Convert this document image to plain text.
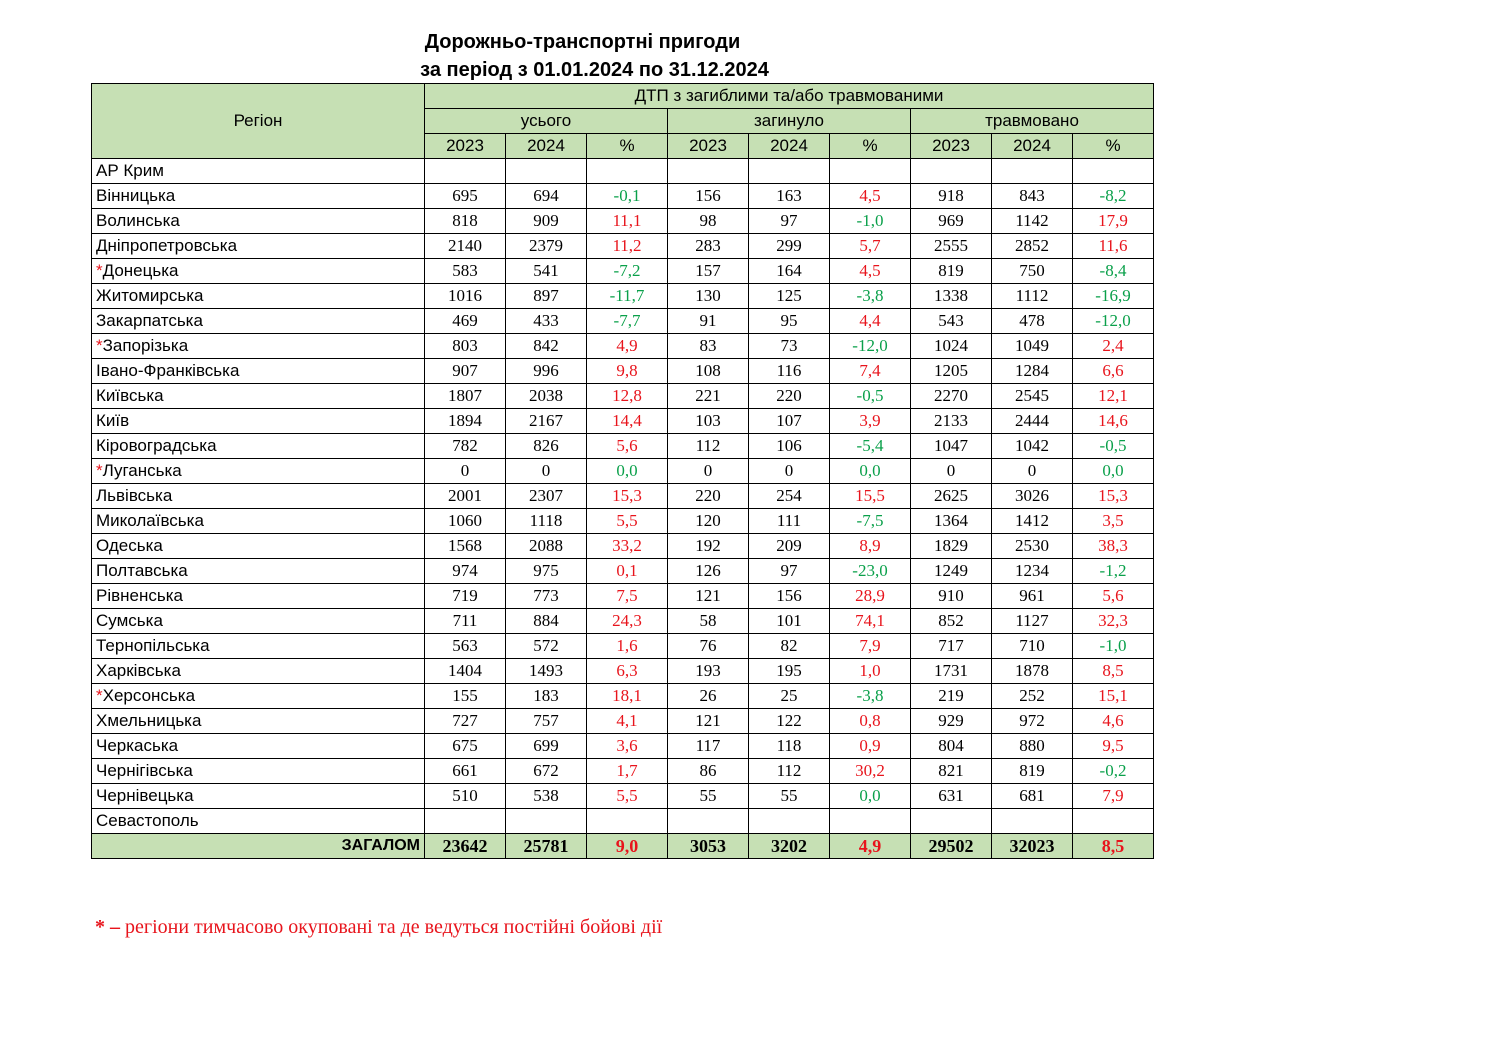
Дорожньо-транспортні пригоди
за період з 01.01.2024 по 31.12.2024
Регіон	ДТП з загиблими та/або травмованими								
	усього			загинуло			травмовано		
	2023	2024	%	2023	2024	%	2023	2024	%
АР Крим									
Вінницька	695	694	-0,1	156	163	4,5	918	843	-8,2
Волинська	818	909	11,1	98	97	-1,0	969	1142	17,9
Дніпропетровська	2140	2379	11,2	283	299	5,7	2555	2852	11,6
*Донецька	583	541	-7,2	157	164	4,5	819	750	-8,4
Житомирська	1016	897	-11,7	130	125	-3,8	1338	1112	-16,9
Закарпатська	469	433	-7,7	91	95	4,4	543	478	-12,0
*Запорізька	803	842	4,9	83	73	-12,0	1024	1049	2,4
Івано-Франківська	907	996	9,8	108	116	7,4	1205	1284	6,6
Київська	1807	2038	12,8	221	220	-0,5	2270	2545	12,1
Київ	1894	2167	14,4	103	107	3,9	2133	2444	14,6
Кіровоградська	782	826	5,6	112	106	-5,4	1047	1042	-0,5
*Луганська	0	0	0,0	0	0	0,0	0	0	0,0
Львівська	2001	2307	15,3	220	254	15,5	2625	3026	15,3
Миколаївська	1060	1118	5,5	120	111	-7,5	1364	1412	3,5
Одеська	1568	2088	33,2	192	209	8,9	1829	2530	38,3
Полтавська	974	975	0,1	126	97	-23,0	1249	1234	-1,2
Рівненська	719	773	7,5	121	156	28,9	910	961	5,6
Сумська	711	884	24,3	58	101	74,1	852	1127	32,3
Тернопільська	563	572	1,6	76	82	7,9	717	710	-1,0
Харківська	1404	1493	6,3	193	195	1,0	1731	1878	8,5
*Херсонська	155	183	18,1	26	25	-3,8	219	252	15,1
Хмельницька	727	757	4,1	121	122	0,8	929	972	4,6
Черкаська	675	699	3,6	117	118	0,9	804	880	9,5
Чернігівська	661	672	1,7	86	112	30,2	821	819	-0,2
Чернівецька	510	538	5,5	55	55	0,0	631	681	7,9
Севастополь									
ЗАГАЛОМ	23642	25781	9,0	3053	3202	4,9	29502	32023	8,5
* – регіони тимчасово окуповані та де ведуться постійні бойові дії
